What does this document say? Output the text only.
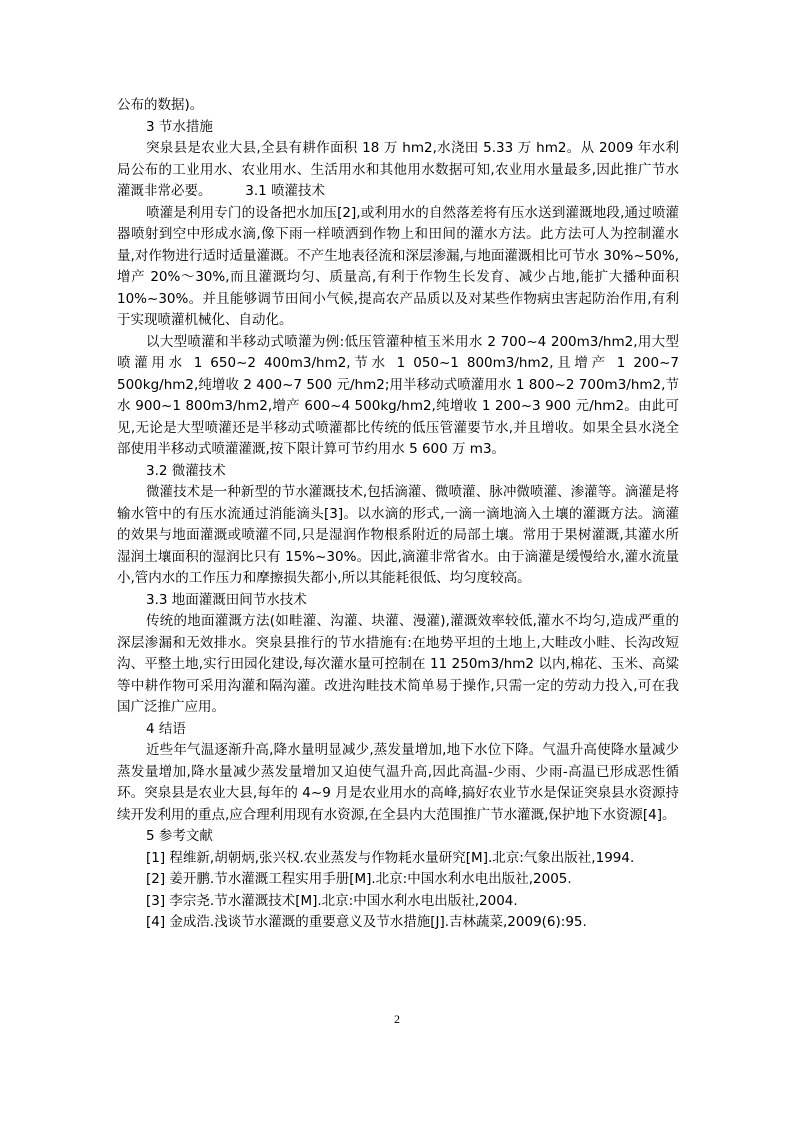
公布的数据)。

3 节水措施

突泉县是农业大县,全县有耕作面积 18 万 hm2,水浇田 5.33 万 hm2。从 2009 年水利局公布的工业用水、农业用水、生活用水和其他用水数据可知,农业用水量最多,因此推广节水灌溉非常必要。　　　3.1 喷灌技术

喷灌是利用专门的设备把水加压[2],或利用水的自然落差将有压水送到灌溉地段,通过喷灌器喷射到空中形成水滴,像下雨一样喷洒到作物上和田间的灌水方法。此方法可人为控制灌水量,对作物进行适时适量灌溉。不产生地表径流和深层渗漏,与地面灌溉相比可节水 30%~50%,增产 20%～30%,而且灌溉均匀、质量高,有利于作物生长发育、减少占地,能扩大播种面积 10%~30%。并且能够调节田间小气候,提高农产品质以及对某些作物病虫害起防治作用,有利于实现喷灌机械化、自动化。

以大型喷灌和半移动式喷灌为例:低压管灌种植玉米用水 2 700~4 200m3/hm2,用大型喷灌用水 1 650~2 400m3/hm2,节水 1 050~1 800m3/hm2,且增产 1 200~7 500kg/hm2,纯增收 2 400~7 500 元/hm2;用半移动式喷灌用水 1 800~2 700m3/hm2,节水 900~1 800m3/hm2,增产 600~4 500kg/hm2,纯增收 1 200~3 900 元/hm2。由此可见,无论是大型喷灌还是半移动式喷灌都比传统的低压管灌要节水,并且增收。如果全县水浇全部使用半移动式喷灌灌溉,按下限计算可节约用水 5 600 万 m3。

3.2 微灌技术

微灌技术是一种新型的节水灌溉技术,包括滴灌、微喷灌、脉冲微喷灌、渗灌等。滴灌是将输水管中的有压水流通过消能滴头[3]。以水滴的形式,一滴一滴地滴入土壤的灌溉方法。滴灌的效果与地面灌溉或喷灌不同,只是湿润作物根系附近的局部土壤。常用于果树灌溉,其灌水所湿润土壤面积的湿润比只有 15%~30%。因此,滴灌非常省水。由于滴灌是缓慢给水,灌水流量小,管内水的工作压力和摩擦损失都小,所以其能耗很低、均匀度较高。

3.3 地面灌溉田间节水技术

传统的地面灌溉方法(如畦灌、沟灌、块灌、漫灌),灌溉效率较低,灌水不均匀,造成严重的深层渗漏和无效排水。突泉县推行的节水措施有:在地势平坦的土地上,大畦改小畦、长沟改短沟、平整土地,实行田园化建设,每次灌水量可控制在 11 250m3/hm2 以内,棉花、玉米、高粱等中耕作物可采用沟灌和隔沟灌。改进沟畦技术简单易于操作,只需一定的劳动力投入,可在我国广泛推广应用。

4 结语

近些年气温逐渐升高,降水量明显减少,蒸发量增加,地下水位下降。气温升高使降水量减少蒸发量增加,降水量减少蒸发量增加又迫使气温升高,因此高温-少雨、少雨-高温已形成恶性循环。突泉县是农业大县,每年的 4~9 月是农业用水的高峰,搞好农业节水是保证突泉县水资源持续开发利用的重点,应合理利用现有水资源,在全县内大范围推广节水灌溉,保护地下水资源[4]。

5 参考文献

[1] 程维新,胡朝炳,张兴权.农业蒸发与作物耗水量研究[M].北京:气象出版社,1994.

[2] 姜开鹏.节水灌溉工程实用手册[M].北京:中国水利水电出版社,2005.

[3] 李宗尧.节水灌溉技术[M].北京:中国水利水电出版社,2004.

[4] 金成浩.浅谈节水灌溉的重要意义及节水措施[J].吉林蔬菜,2009(6):95.

2
